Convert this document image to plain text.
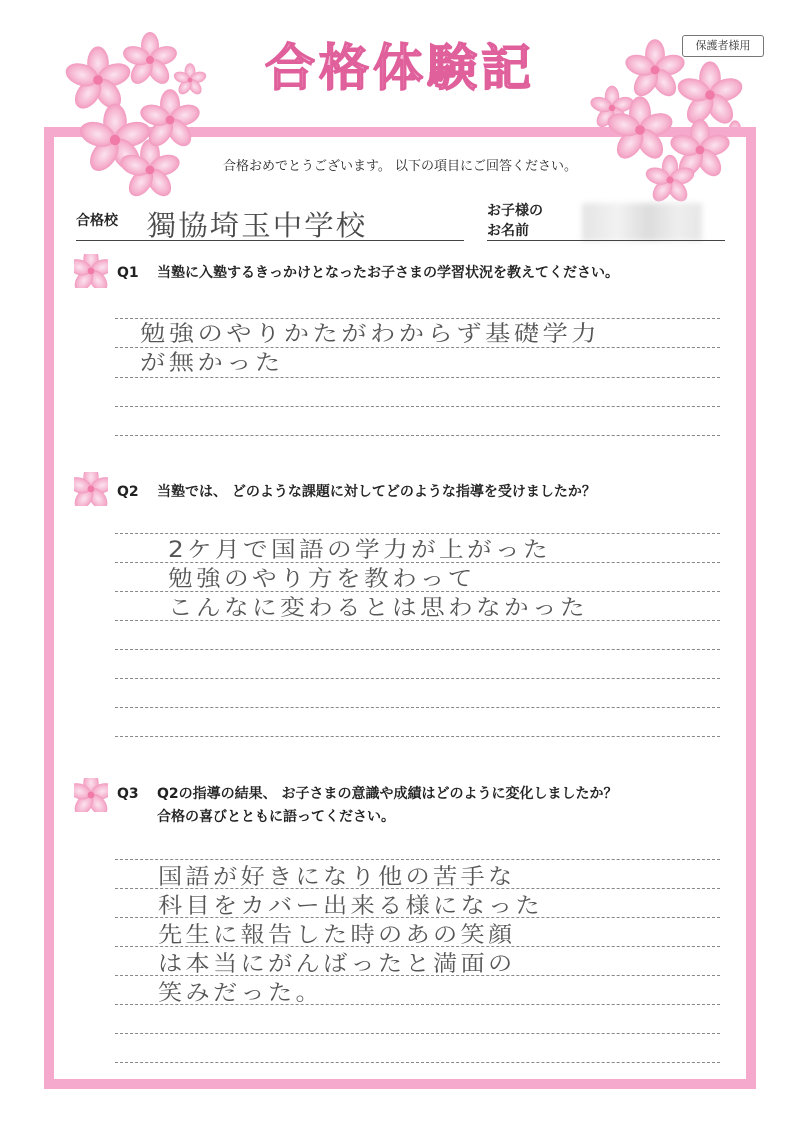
保護者様用
合格体験記
合格おめでとうございます。 以下の項目にご回答ください。
合格校 獨協埼玉中学校	お子様の
お名前
Q1 当塾に入塾するきっかけとなったお子さまの学習状況を教えてください。
勉強のやりかたがわからず基礎学力
が無かった
Q2 当塾では、 どのような課題に対してどのような指導を受けましたか？
2ケ月で国語の学力が上がった
勉強のやり方を教わって
こんなに変わるとは思わなかった
Q3 Q2の指導の結果、 お子さまの意識や成績はどのように変化しましたか？
合格の喜びとともに語ってください。
国語が好きになり他の苦手な
科目をカバー出来る様になった
先生に報告した時のあの笑顔
は本当にがんばったと満面の
笑みだった。
